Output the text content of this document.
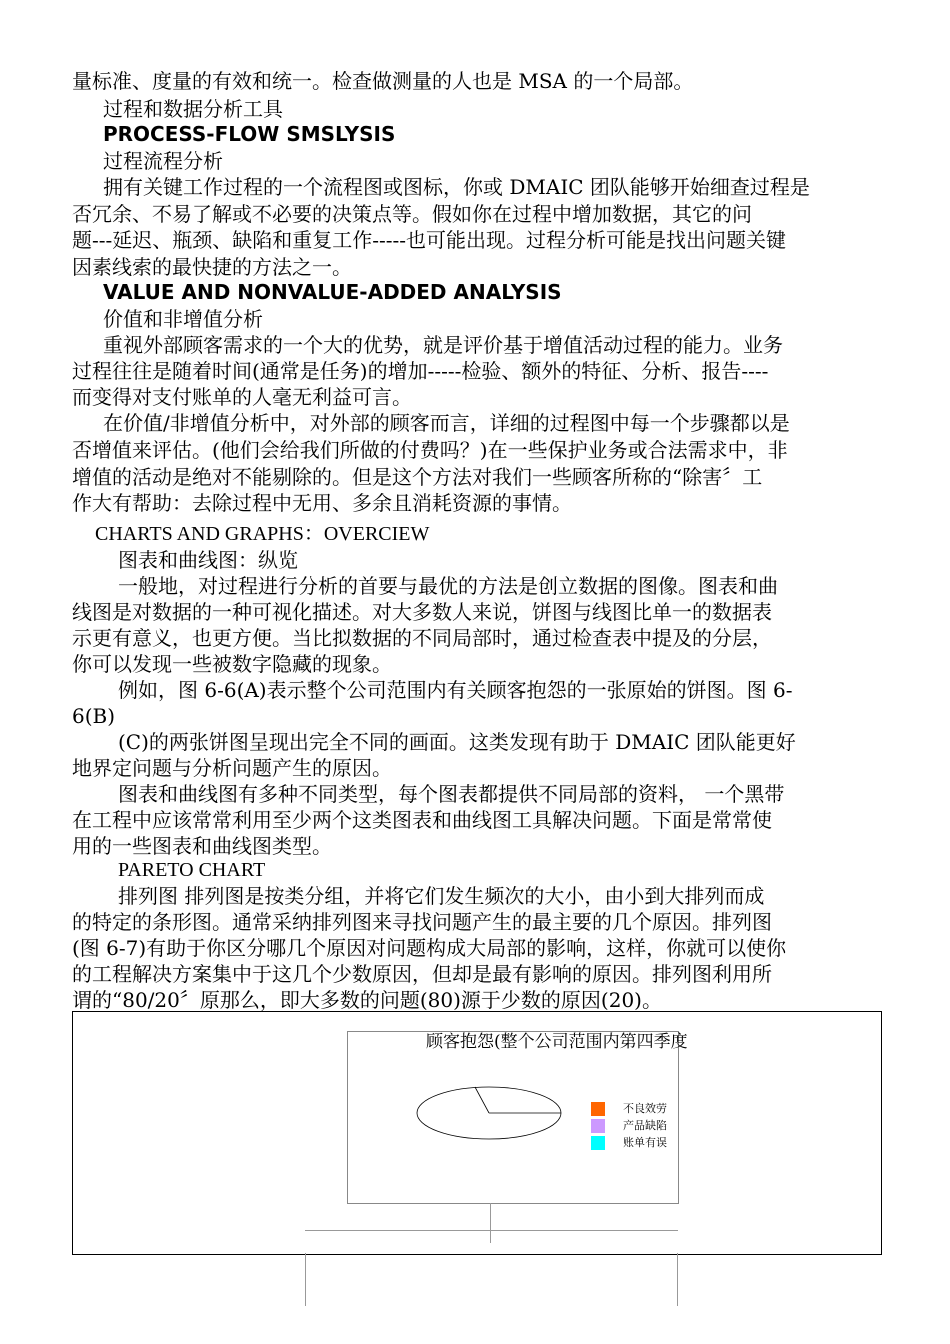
量标准、度量的有效和统一。检查做测量的人也是 MSA 的一个局部。
过程和数据分析工具
PROCESS-FLOW SMSLYSIS
过程流程分析
拥有关键工作过程的一个流程图或图标，你或 DMAIC 团队能够开始细查过程是
否冗余、不易了解或不必要的决策点等。假如你在过程中增加数据，其它的问
题---延迟、瓶颈、缺陷和重复工作-----也可能出现。过程分析可能是找出问题关键
因素线索的最快捷的方法之一。
VALUE AND NONVALUE-ADDED ANALYSIS
价值和非增值分析
重视外部顾客需求的一个大的优势，就是评价基于增值活动过程的能力。业务
过程往往是随着时间(通常是任务)的增加-----检验、额外的特征、分析、报告----
而变得对支付账单的人毫无利益可言。
在价值/非增值分析中，对外部的顾客而言，详细的过程图中每一个步骤都以是
否增值来评估。(他们会给我们所做的付费吗？)在一些保护业务或合法需求中，非
增值的活动是绝对不能剔除的。但是这个方法对我们一些顾客所称的“除害〞工
作大有帮助：去除过程中无用、多余且消耗资源的事情。
CHARTS AND GRAPHS：OVERCIEW
图表和曲线图：纵览
一般地，对过程进行分析的首要与最优的方法是创立数据的图像。图表和曲
线图是对数据的一种可视化描述。对大多数人来说，饼图与线图比单一的数据表
示更有意义，也更方便。当比拟数据的不同局部时，通过检查表中提及的分层，
你可以发现一些被数字隐藏的现象。
例如，图 6-6(A)表示整个公司范围内有关顾客抱怨的一张原始的饼图。图 6-
6(B)
(C)的两张饼图呈现出完全不同的画面。这类发现有助于 DMAIC 团队能更好
地界定问题与分析问题产生的原因。
图表和曲线图有多种不同类型，每个图表都提供不同局部的资料， 一个黑带
在工程中应该常常利用至少两个这类图表和曲线图工具解决问题。下面是常常使
用的一些图表和曲线图类型。
PARETO CHART
排列图 排列图是按类分组，并将它们发生频次的大小，由小到大排列而成
的特定的条形图。通常采纳排列图来寻找问题产生的最主要的几个原因。排列图
(图 6-7)有助于你区分哪几个原因对问题构成大局部的影响，这样，你就可以使你
的工程解决方案集中于这几个少数原因，但却是最有影响的原因。排列图利用所
谓的“80/20〞原那么，即大多数的问题(80)源于少数的原因(20)。
顾客抱怨(整个公司范围内第四季度
不良效劳
产品缺陷
账单有误
